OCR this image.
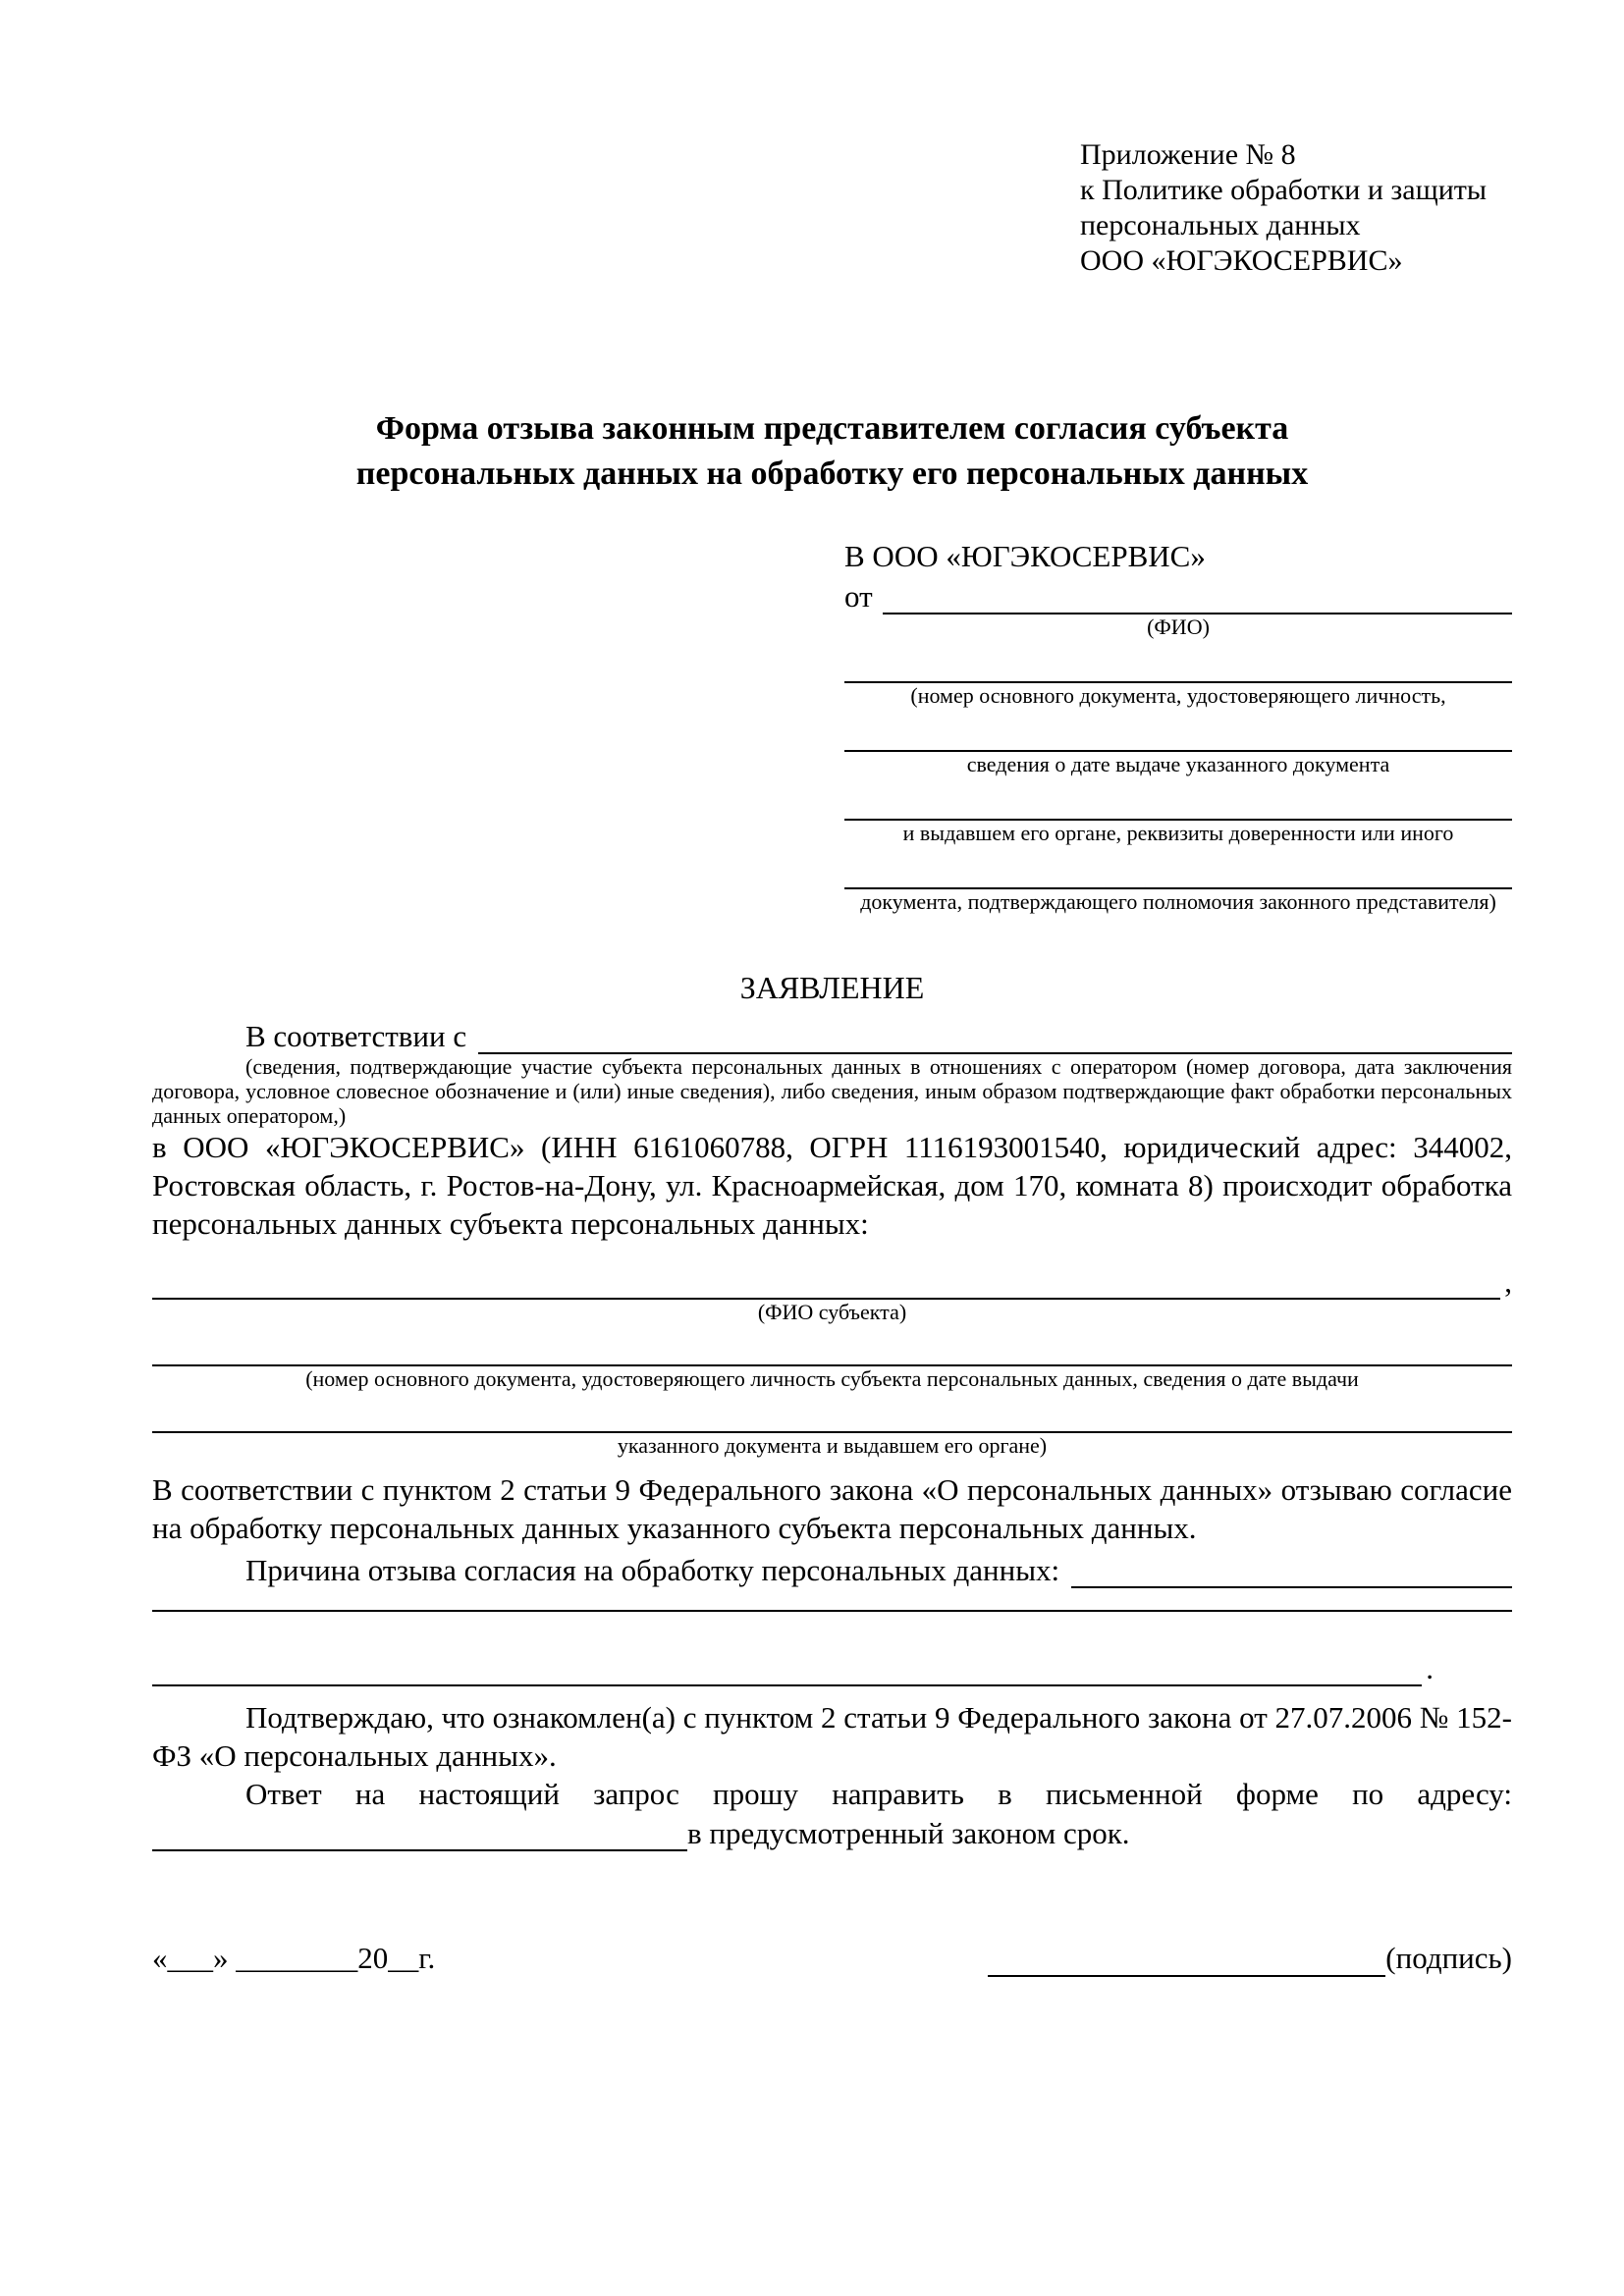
Приложение № 8
к Политике обработки и защиты
персональных данных
ООО «ЮГЭКОСЕРВИС»
Форма отзыва законным представителем согласия субъекта
персональных данных на обработку его персональных данных
В ООО «ЮГЭКОСЕРВИС»
от
(ФИО)
(номер основного документа, удостоверяющего личность,
сведения о дате выдаче указанного документа
и выдавшем его органе, реквизиты доверенности или иного
документа, подтверждающего полномочия законного представителя)
ЗАЯВЛЕНИЕ
В соответствии с
(сведения, подтверждающие участие субъекта персональных данных в отношениях с оператором (номер договора, дата заключения договора, условное словесное обозначение и (или) иные сведения), либо сведения, иным образом подтверждающие факт обработки персональных данных оператором,)
в ООО «ЮГЭКОСЕРВИС» (ИНН 6161060788, ОГРН 1116193001540, юридический адрес: 344002, Ростовская область, г. Ростов-на-Дону, ул. Красноармейская, дом 170, комната 8) происходит обработка персональных данных субъекта персональных данных:
,
(ФИО субъекта)
(номер основного документа, удостоверяющего личность субъекта персональных данных, сведения о дате выдачи
указанного документа и выдавшем его органе)
В соответствии с пунктом 2 статьи 9 Федерального закона «О персональных данных» отзываю согласие на обработку персональных данных указанного субъекта персональных данных.
Причина отзыва согласия на обработку персональных данных:
.
Подтверждаю, что ознакомлен(а) с пунктом 2 статьи 9 Федерального закона от 27.07.2006 № 152-ФЗ «О персональных данных».
Ответ на настоящий запрос прошу направить в письменной форме по адресу:
в предусмотренный законом срок.
«___» ________20__г.	(подпись)
